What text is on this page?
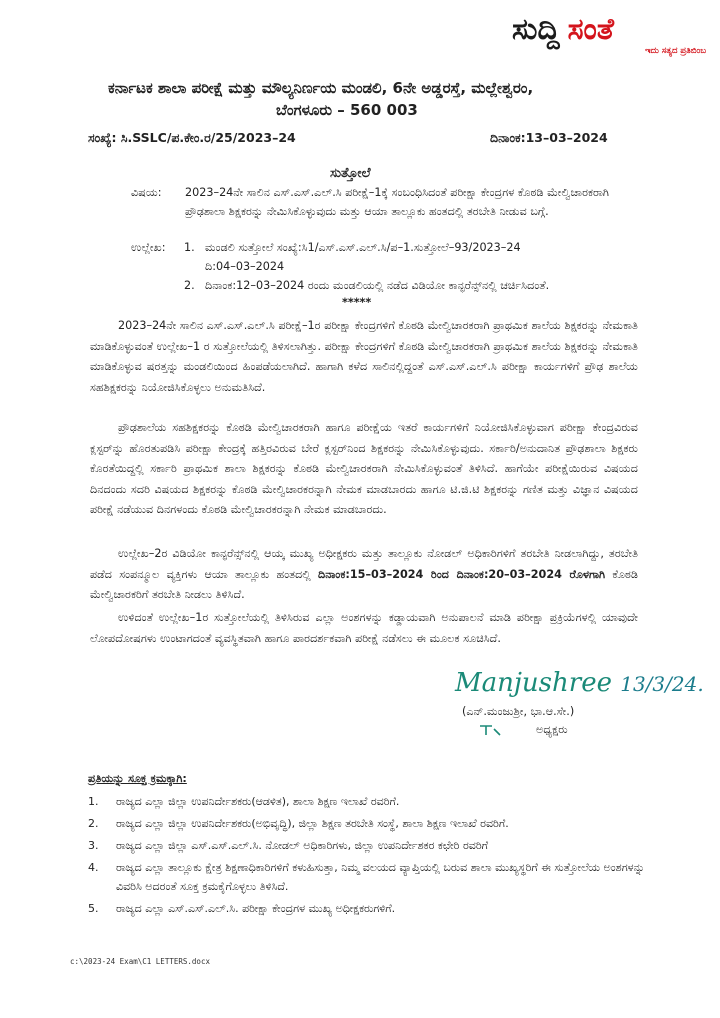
ಸುದ್ದಿ ಸಂತೆ
ಇದು ಸತ್ಯದ ಪ್ರತಿಬಿಂಬ
ಕರ್ನಾಟಕ ಶಾಲಾ ಪರೀಕ್ಷೆ ಮತ್ತು ಮೌಲ್ಯನಿರ್ಣಯ ಮಂಡಲಿ, 6ನೇ ಅಡ್ಡರಸ್ತೆ, ಮಲ್ಲೇಶ್ವರಂ,
ಬೆಂಗಳೂರು – 560 003
ಸಂಖ್ಯೆ: ಸಿ.SSLC/ಪ.ಕೇಂ.ರ/25/2023–24	ದಿನಾಂಕ:13–03–2024
ಸುತ್ತೋಲೆ
ವಿಷಯ: 2023–24ನೇ ಸಾಲಿನ ಎಸ್.ಎಸ್.ಎಲ್.ಸಿ ಪರೀಕ್ಷೆ–1ಕ್ಕೆ ಸಂಬಂಧಿಸಿದಂತೆ ಪರೀಕ್ಷಾ ಕೇಂದ್ರಗಳ ಕೊಠಡಿ ಮೇಲ್ವಿಚಾರಕರಾಗಿ ಪ್ರೌಢಶಾಲಾ ಶಿಕ್ಷಕರನ್ನು ನೇಮಿಸಿಕೊಳ್ಳುವುದು ಮತ್ತು ಆಯಾ ತಾಲ್ಲೂಕು ಹಂತದಲ್ಲಿ ತರಬೇತಿ ನೀಡುವ ಬಗ್ಗೆ.
ಉಲ್ಲೇಖ: 1. ಮಂಡಲಿ ಸುತ್ತೋಲೆ ಸಂಖ್ಯೆ:ಸಿ1/ಎಸ್.ಎಸ್.ಎಲ್.ಸಿ/ಪ–1.ಸುತ್ತೋಲೆ–93/2023–24
ದಿ:04–03–2024
2. ದಿನಾಂಕ:12–03–2024 ರಂದು ಮಂಡಲಿಯಲ್ಲಿ ನಡೆದ ವಿಡಿಯೋ ಕಾನ್ಫರೆನ್ಸ್‌ನಲ್ಲಿ ಚರ್ಚಿಸಿದಂತೆ.
*****
2023–24ನೇ ಸಾಲಿನ ಎಸ್.ಎಸ್.ಎಲ್.ಸಿ ಪರೀಕ್ಷೆ–1ರ ಪರೀಕ್ಷಾ ಕೇಂದ್ರಗಳಿಗೆ ಕೊಠಡಿ ಮೇಲ್ವಿಚಾರಕರಾಗಿ ಪ್ರಾಥಮಿಕ ಶಾಲೆಯ ಶಿಕ್ಷಕರನ್ನು ನೇಮಕಾತಿ ಮಾಡಿಕೊಳ್ಳುವಂತೆ ಉಲ್ಲೇಖ–1 ರ ಸುತ್ತೋಲೆಯಲ್ಲಿ ತಿಳಿಸಲಾಗಿತ್ತು. ಪರೀಕ್ಷಾ ಕೇಂದ್ರಗಳಿಗೆ ಕೊಠಡಿ ಮೇಲ್ವಿಚಾರಕರಾಗಿ ಪ್ರಾಥಮಿಕ ಶಾಲೆಯ ಶಿಕ್ಷಕರನ್ನು ನೇಮಕಾತಿ ಮಾಡಿಕೊಳ್ಳುವ ಷರತ್ತನ್ನು ಮಂಡಲಿಯಿಂದ ಹಿಂಪಡೆಯಲಾಗಿದೆ. ಹಾಗಾಗಿ ಕಳೆದ ಸಾಲಿನಲ್ಲಿದ್ದಂತೆ ಎಸ್.ಎಸ್.ಎಲ್.ಸಿ ಪರೀಕ್ಷಾ ಕಾರ್ಯಗಳಿಗೆ ಪ್ರೌಢ ಶಾಲೆಯ ಸಹಶಿಕ್ಷಕರನ್ನು ನಿಯೋಜಿಸಿಕೊಳ್ಳಲು ಅನುಮತಿಸಿದೆ.
ಪ್ರೌಢಶಾಲೆಯ ಸಹಶಿಕ್ಷಕರನ್ನು ಕೊಠಡಿ ಮೇಲ್ವಿಚಾರಕರಾಗಿ ಹಾಗೂ ಪರೀಕ್ಷೆಯ ಇತರೆ ಕಾರ್ಯಗಳಿಗೆ ನಿಯೋಜಿಸಿಕೊಳ್ಳುವಾಗ ಪರೀಕ್ಷಾ ಕೇಂದ್ರವಿರುವ ಕ್ಲಸ್ಟರ್‌ನ್ನು ಹೊರತುಪಡಿಸಿ ಪರೀಕ್ಷಾ ಕೇಂದ್ರಕ್ಕೆ ಹತ್ತಿರವಿರುವ ಬೇರೆ ಕ್ಲಸ್ಟರ್‌ನಿಂದ ಶಿಕ್ಷಕರನ್ನು ನೇಮಿಸಿಕೊಳ್ಳುವುದು. ಸರ್ಕಾರಿ/ಅನುದಾನಿತ ಪ್ರೌಢಶಾಲಾ ಶಿಕ್ಷಕರು ಕೊರತೆಯಿದ್ದಲ್ಲಿ ಸರ್ಕಾರಿ ಪ್ರಾಥಮಿಕ ಶಾಲಾ ಶಿಕ್ಷಕರನ್ನು ಕೊಠಡಿ ಮೇಲ್ವಿಚಾರಕರಾಗಿ ನೇಮಿಸಿಕೊಳ್ಳುವಂತೆ ತಿಳಿಸಿದೆ. ಹಾಗೆಯೇ ಪರೀಕ್ಷೆಯಿರುವ ವಿಷಯದ ದಿನದಂದು ಸದರಿ ವಿಷಯದ ಶಿಕ್ಷಕರನ್ನು ಕೊಠಡಿ ಮೇಲ್ವಿಚಾರಕರನ್ನಾಗಿ ನೇಮಕ ಮಾಡಬಾರದು ಹಾಗೂ ಟಿ.ಜಿ.ಟಿ ಶಿಕ್ಷಕರನ್ನು ಗಣಿತ ಮತ್ತು ವಿಜ್ಞಾನ ವಿಷಯದ ಪರೀಕ್ಷೆ ನಡೆಯುವ ದಿನಗಳಂದು ಕೊಠಡಿ ಮೇಲ್ವಿಚಾರಕರನ್ನಾಗಿ ನೇಮಕ ಮಾಡಬಾರದು.
ಉಲ್ಲೇಖ–2ರ ವಿಡಿಯೋ ಕಾನ್ಫರೆನ್ಸ್‌ನಲ್ಲಿ ಆಯ್ಕ ಮುಖ್ಯ ಅಧೀಕ್ಷಕರು ಮತ್ತು ತಾಲ್ಲೂಕು ನೋಡಲ್ ಅಧಿಕಾರಿಗಳಿಗೆ ತರಬೇತಿ ನೀಡಲಾಗಿದ್ದು, ತರಬೇತಿ ಪಡೆದ ಸಂಪನ್ಮೂಲ ವ್ಯಕ್ತಿಗಳು ಆಯಾ ತಾಲ್ಲೂಕು ಹಂತದಲ್ಲಿ ದಿನಾಂಕ:15–03–2024 ರಿಂದ ದಿನಾಂಕ:20–03–2024 ರೊಳಗಾಗಿ ಕೊಠಡಿ ಮೇಲ್ವಿಚಾರಕರಿಗೆ ತರಬೇತಿ ನೀಡಲು ತಿಳಿಸಿದೆ.
ಉಳಿದಂತೆ ಉಲ್ಲೇಖ–1ರ ಸುತ್ತೋಲೆಯಲ್ಲಿ ತಿಳಿಸಿರುವ ಎಲ್ಲಾ ಅಂಶಗಳನ್ನು ಕಡ್ಡಾಯವಾಗಿ ಅನುಪಾಲನೆ ಮಾಡಿ ಪರೀಕ್ಷಾ ಪ್ರಕ್ರಿಯೆಗಳಲ್ಲಿ ಯಾವುದೇ ಲೋಪದೋಷಗಳು ಉಂಟಾಗದಂತೆ ವ್ಯವಸ್ಥಿತವಾಗಿ ಹಾಗೂ ಪಾರದರ್ಶಕವಾಗಿ ಪರೀಕ್ಷೆ ನಡೆಸಲು ಈ ಮೂಲಕ ಸೂಚಿಸಿದೆ.
Manjushree 13/3/24.
(ಎನ್.ಮಂಜುಶ್ರೀ, ಭಾ.ಆ.ಸೇ.)
ಅಧ್ಯಕ್ಷರು
ಪ್ರತಿಯನ್ನು ಸೂಕ್ತ ಕ್ರಮಕ್ಕಾಗಿ:
1.	ರಾಜ್ಯದ ಎಲ್ಲಾ ಜಿಲ್ಲಾ ಉಪನಿರ್ದೇಶಕರು(ಆಡಳಿತ), ಶಾಲಾ ಶಿಕ್ಷಣ ಇಲಾಖೆ ರವರಿಗೆ.
2.	ರಾಜ್ಯದ ಎಲ್ಲಾ ಜಿಲ್ಲಾ ಉಪನಿರ್ದೇಶಕರು(ಅಭಿವೃದ್ಧಿ), ಜಿಲ್ಲಾ ಶಿಕ್ಷಣ ತರಬೇತಿ ಸಂಸ್ಥೆ, ಶಾಲಾ ಶಿಕ್ಷಣ ಇಲಾಖೆ ರವರಿಗೆ.
3.	ರಾಜ್ಯದ ಎಲ್ಲಾ ಜಿಲ್ಲಾ ಎಸ್.ಎಸ್.ಎಲ್.ಸಿ. ನೋಡಲ್ ಅಧಿಕಾರಿಗಳು, ಜಿಲ್ಲಾ ಉಪನಿರ್ದೇಶಕರ ಕಛೇರಿ ರವರಿಗೆ
4.	ರಾಜ್ಯದ ಎಲ್ಲಾ ತಾಲ್ಲೂಕು ಕ್ಷೇತ್ರ ಶಿಕ್ಷಣಾಧಿಕಾರಿಗಳಿಗೆ ಕಳುಹಿಸುತ್ತಾ, ನಿಮ್ಮ ವಲಯದ ವ್ಯಾಪ್ತಿಯಲ್ಲಿ ಬರುವ ಶಾಲಾ ಮುಖ್ಯಸ್ಥರಿಗೆ ಈ ಸುತ್ತೋಲೆಯ ಅಂಶಗಳನ್ನು ವಿವರಿಸಿ ಅದರಂತೆ ಸೂಕ್ತ ಕ್ರಮಕೈಗೊಳ್ಳಲು ತಿಳಿಸಿದೆ.
5.	ರಾಜ್ಯದ ಎಲ್ಲಾ ಎಸ್.ಎಸ್.ಎಲ್.ಸಿ. ಪರೀಕ್ಷಾ ಕೇಂದ್ರಗಳ ಮುಖ್ಯ ಅಧೀಕ್ಷಕರುಗಳಿಗೆ.
c:\2023-24 Exam\C1 LETTERS.docx
